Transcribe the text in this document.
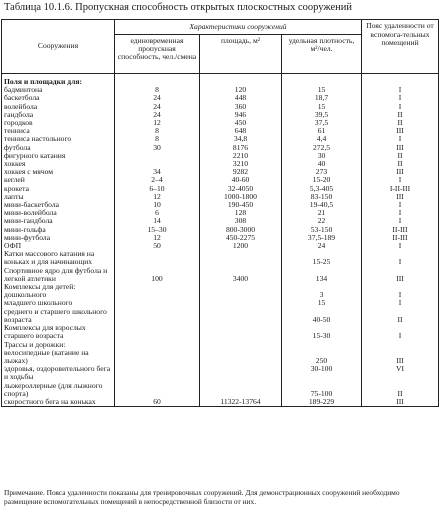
Таблица 10.1.6. Пропускная способность открытых плоскостных сооружений
Сооружения	Характеристики сооружений			Пояс удаленности от вспомога-тельных помещений
	единовременная пропускная способность, чел./смена	площадь, м²	удельная плотность, м²/чел.	
Поля и площадки для:				
бадминтона	8	120	15	I
баскетбола	24	448	18,7	I
волейбола	24	360	15	I
гандбола	24	946	39,5	II
городков	12	450	37,5	II
тенниса	8	648	61	III
тенниса настольного	8	34,8	4,4	I
футбола	30	8176	272,5	III
фигурного катания		2210	30	II
хоккея		3210	40	II
хоккея с мячом	34	9282	273	III
кеглей	2–4	40-60	15-20	I
крокета	6–10	32-4050	5,3-405	I-II-III
лапты	12	1000-1800	83-150	III
мини-баскетбола	10	190-450	19-40,5	I
мини-волейбола	6	128	21	I
мини-гандбола	14	308	22	I
мини-гольфа	15–30	800-3000	53-150	II-III
мини-футбола	12	450-2275	37,5-189	II-III
ОФП	50	1200	24	I
Катки массового катания на коньках и для начинающих			15-25	I
Спортивное ядро для футбола и легкой атлетики	100	3400	134	III
Комплексы для детей:				
дошкольного			3	I
младшего школьного			15	I
среднего и старшего школьного возраста			40-50	II
Комплексы для взрослых старшего возраста			15-30	I
Трассы и дорожки:				
велосипедные (катание на лыжах)			250	III
здоровья, оздоровительного бега и ходьбы			30-100	VI
лыжероллерные (для лыжного спорта)			75-100	II
скоростного бега на коньках	60	11322-13764	189-229	III
Примечание. Пояса удаленности показаны для тренировочных сооружений. Для демонстрационных сооружений необходимо размещение вспомогательных помещений в непосредственной близости от них.
